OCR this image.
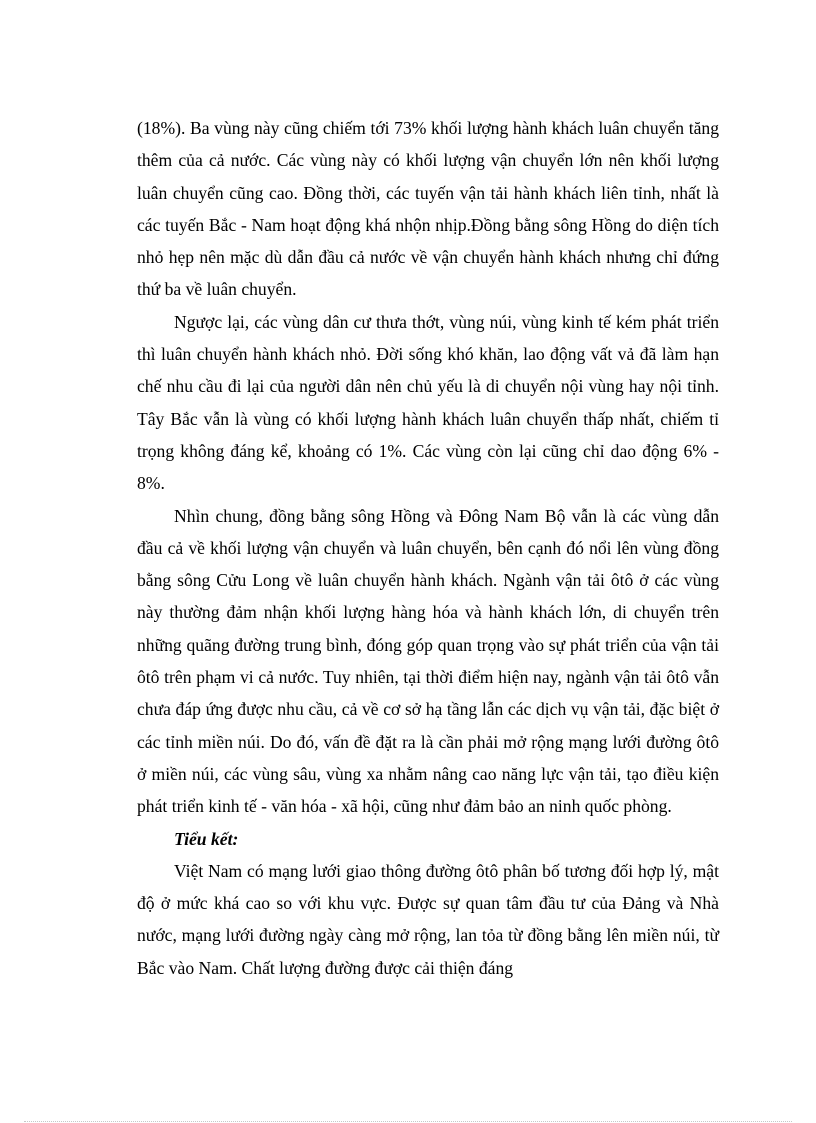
(18%). Ba vùng này cũng chiếm tới 73% khối lượng hành khách luân chuyển tăng thêm của cả nước. Các vùng này có khối lượng vận chuyển lớn nên khối lượng luân chuyển cũng cao. Đồng thời, các tuyến vận tải hành khách liên tỉnh, nhất là các tuyến Bắc - Nam hoạt động khá nhộn nhịp.Đồng bằng sông Hồng do diện tích nhỏ hẹp nên mặc dù dẫn đầu cả nước về vận chuyển hành khách nhưng chỉ đứng thứ ba về luân chuyển.

Ngược lại, các vùng dân cư thưa thớt, vùng núi, vùng kinh tế kém phát triển thì luân chuyển hành khách nhỏ. Đời sống khó khăn, lao động vất vả đã làm hạn chế nhu cầu đi lại của người dân nên chủ yếu là di chuyển nội vùng hay nội tỉnh. Tây Bắc vẫn là vùng có khối lượng hành khách luân chuyển thấp nhất, chiếm tỉ trọng không đáng kể, khoảng có 1%. Các vùng còn lại cũng chỉ dao động 6% - 8%.

Nhìn chung, đồng bằng sông Hồng và Đông Nam Bộ vẫn là các vùng dẫn đầu cả về khối lượng vận chuyển và luân chuyển, bên cạnh đó nổi lên vùng đồng bằng sông Cửu Long về luân chuyển hành khách. Ngành vận tải ôtô ở các vùng này thường đảm nhận khối lượng hàng hóa và hành khách lớn, di chuyển trên những quãng đường trung bình, đóng góp quan trọng vào sự phát triển của vận tải ôtô trên phạm vi cả nước. Tuy nhiên, tại thời điểm hiện nay, ngành vận tải ôtô vẫn chưa đáp ứng được nhu cầu, cả về cơ sở hạ tầng lẫn các dịch vụ vận tải, đặc biệt ở các tỉnh miền núi. Do đó, vấn đề đặt ra là cần phải mở rộng mạng lưới đường ôtô ở miền núi, các vùng sâu, vùng xa nhằm nâng cao năng lực vận tải, tạo điều kiện phát triển kinh tế - văn hóa - xã hội, cũng như đảm bảo an ninh quốc phòng.

Tiểu kết:

Việt Nam có mạng lưới giao thông đường ôtô phân bố tương đối hợp lý, mật độ ở mức khá cao so với khu vực. Được sự quan tâm đầu tư của Đảng và Nhà nước, mạng lưới đường ngày càng mở rộng, lan tỏa từ đồng bằng lên miền núi, từ Bắc vào Nam. Chất lượng đường được cải thiện đáng
